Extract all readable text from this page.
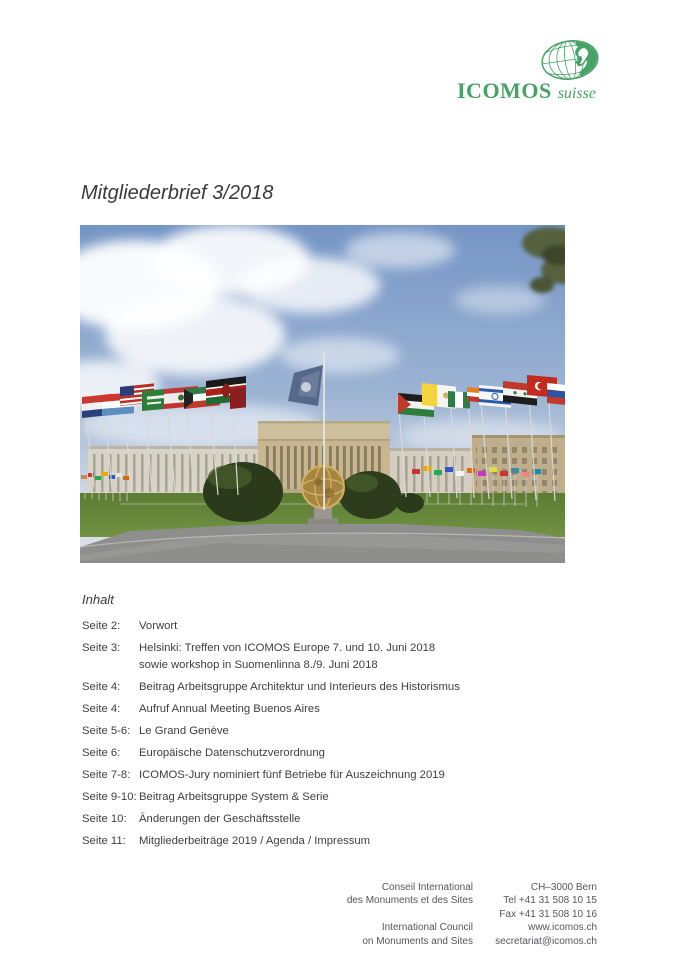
ICOMOS suisse
Mitgliederbrief 3/2018
Inhalt
Seite 2:	Vorwort
Seite 3:	Helsinki: Treffen von ICOMOS Europe 7. und 10. Juni 2018
sowie workshop in Suomenlinna 8./9. Juni 2018
Seite 4:	Beitrag Arbeitsgruppe Architektur und Interieurs des Historismus
Seite 4:	Aufruf Annual Meeting Buenos Aires
Seite 5-6: Le Grand Genève
Seite 6:	Europäische Datenschutzverordnung
Seite 7-8: ICOMOS-Jury nominiert fünf Betriebe für Auszeichnung 2019
Seite 9-10: Beitrag Arbeitsgruppe System & Serie
Seite 10:	Änderungen der Geschäftsstelle
Seite 11:	Mitgliederbeiträge 2019 / Agenda / Impressum
Conseil International
des Monuments et des Sites
International Council
on Monuments and Sites
CH–3000 Bern
Tel +41 31 508 10 15
Fax +41 31 508 10 16
www.icomos.ch
secretariat@icomos.ch
